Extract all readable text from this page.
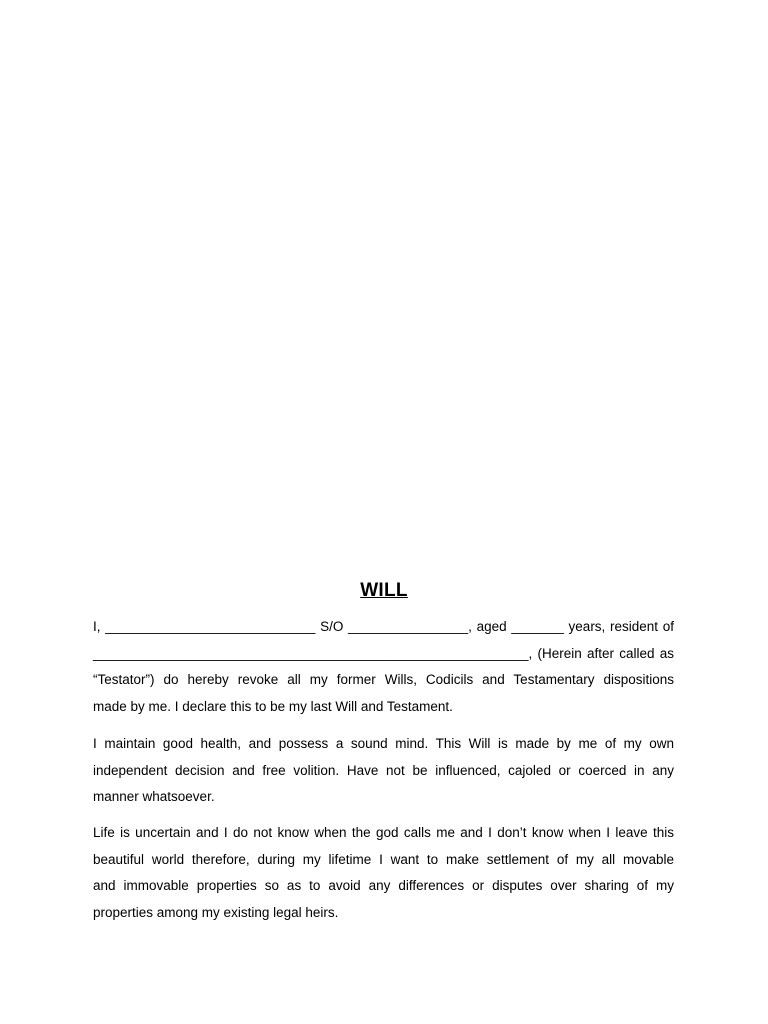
WILL
I, ____________________________ S/O ________________, aged _______ years, resident of
__________________________________________________________, (Herein after called as
“Testator”) do hereby revoke all my former Wills, Codicils and Testamentary dispositions
made by me. I declare this to be my last Will and Testament.
I maintain good health, and possess a sound mind. This Will is made by me of my own
independent decision and free volition. Have not be influenced, cajoled or coerced in any
manner whatsoever.
Life is uncertain and I do not know when the god calls me and I don’t know when I leave this
beautiful world therefore, during my lifetime I want to make settlement of my all movable
and immovable properties so as to avoid any differences or disputes over sharing of my
properties among my existing legal heirs.
